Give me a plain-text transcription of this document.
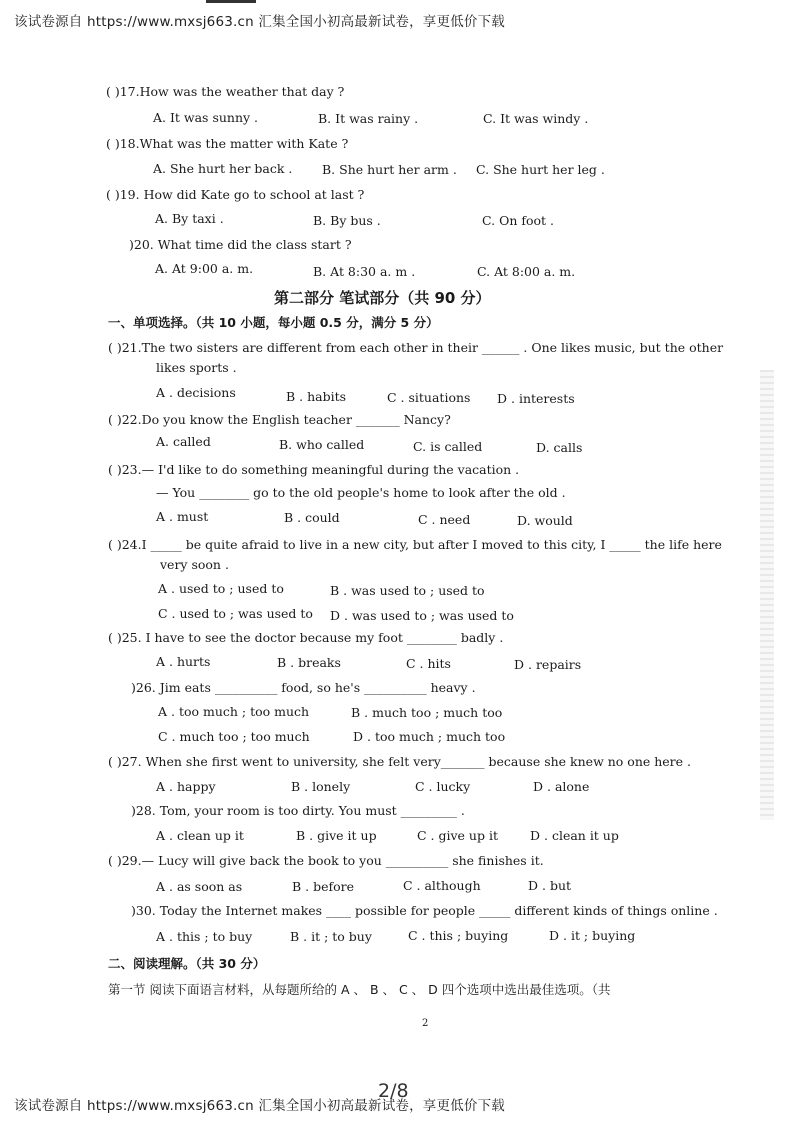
该试卷源自 https://www.mxsj663.cn 汇集全国小初高最新试卷，享更低价下载
( )17.How was the weather that day ?
A. It was sunny .	B. It was rainy .	C. It was windy .
( )18.What was the matter with Kate ?
A. She hurt her back . B. She hurt her arm . C. She hurt her leg .
( )19. How did Kate go to school at last ?
A. By taxi .	B. By bus .	C. On foot .
)20. What time did the class start ?
A. At 9:00 a. m.	B. At 8:30 a. m .	C. At 8:00 a. m.
第二部分 笔试部分（共 90 分）
一、单项选择。（共 10 小题，每小题 0.5 分，满分 5 分）
( )21.The two sisters are different from each other in their ______ . One likes music, but the other
likes sports .
A . decisions	B . habits	C . situations D . interests
( )22.Do you know the English teacher _______ Nancy?
A. called	B. who called	C. is called	D. calls
( )23.— I'd like to do something meaningful during the vacation .
— You ________ go to the old people's home to look after the old .
A . must	B . could	C . need	D. would
( )24.I _____ be quite afraid to live in a new city, but after I moved to this city, I _____ the life here
very soon .
A . used to ; used to	B . was used to ; used to
C . used to ; was used to D . was used to ; was used to
( )25. I have to see the doctor because my foot ________ badly .
A . hurts	B . breaks	C . hits	D . repairs
)26. Jim eats __________ food, so he's __________ heavy .
A . too much ; too much	B . much too ; much too
C . much too ; too much	D . too much ; much too
( )27. When she first went to university, she felt very_______ because she knew no one here .
A . happy	B . lonely	C . lucky	D . alone
)28. Tom, your room is too dirty. You must _________ .
A . clean up it	B . give it up	C . give up it	D . clean it up
( )29.— Lucy will give back the book to you __________ she finishes it.
A . as soon as	B . before	C . although	D . but
)30. Today the Internet makes ____ possible for people _____ different kinds of things online .
A . this ; to buy	B . it ; to buy	C . this ; buying	D . it ; buying
二、阅读理解。（共 30 分）
第一节 阅读下面语言材料，从每题所给的 A 、 B 、 C 、 D 四个选项中选出最佳选项。（共
2
2/8
该试卷源自 https://www.mxsj663.cn 汇集全国小初高最新试卷，享更低价下载
